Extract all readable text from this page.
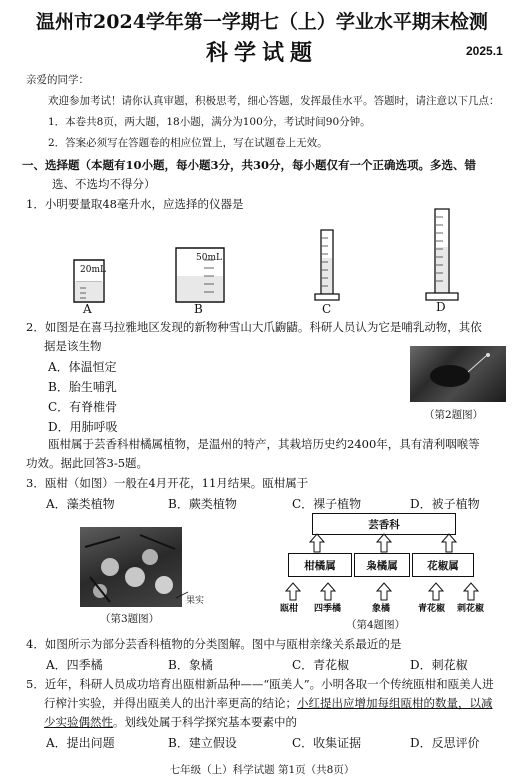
温州市2024学年第一学期七（上）学业水平期末检测
科学试题	2025.1
亲爱的同学：
欢迎参加考试！请你认真审题，积极思考，细心答题，发挥最佳水平。答题时，请注意以下几点：
1．本卷共8页，两大题，18小题，满分为100分，考试时间90分钟。
2．答案必须写在答题卷的相应位置上，写在试题卷上无效。
一、选择题（本题有10小题，每小题3分，共30分，每小题仅有一个正确选项。多选、错
选、不选均不得分）
1．小明要量取48毫升水，应选择的仪器是
20mL
A
50mL
B	C	D
2．如图是在喜马拉雅地区发现的新物种雪山大爪鼩鼱。科研人员认为它是哺乳动物，其依
据是该生物
A．体温恒定
B．胎生哺乳
C．有脊椎骨
D．用肺呼吸
（第2题图）
瓯柑属于芸香科柑橘属植物，是温州的特产，其栽培历史约2400年，具有清利咽喉等
功效。据此回答3-5题。
3．瓯柑（如图）一般在4月开花，11月结果。瓯柑属于
A．藻类植物	B．蕨类植物	C．裸子植物	D．被子植物
果实
（第3题图）
芸香科
柑橘属	枭橘属	花椒属
瓯柑 四季橘	象橘	青花椒 刺花椒
（第4题图）
4．如图所示为部分芸香科植物的分类图解。图中与瓯柑亲缘关系最近的是
A．四季橘	B．象橘	C．青花椒	D．刺花椒
5．近年，科研人员成功培育出瓯柑新品种——“瓯美人”。小明各取一个传统瓯柑和瓯美人进
行榨汁实验，并得出瓯美人的出汁率更高的结论；小红提出应增加每组瓯柑的数量，以减
少实验偶然性。划线处属于科学探究基本要素中的
A．提出问题	B．建立假设	C．收集证据	D．反思评价
七年级（上）科学试题 第1页（共8页）
